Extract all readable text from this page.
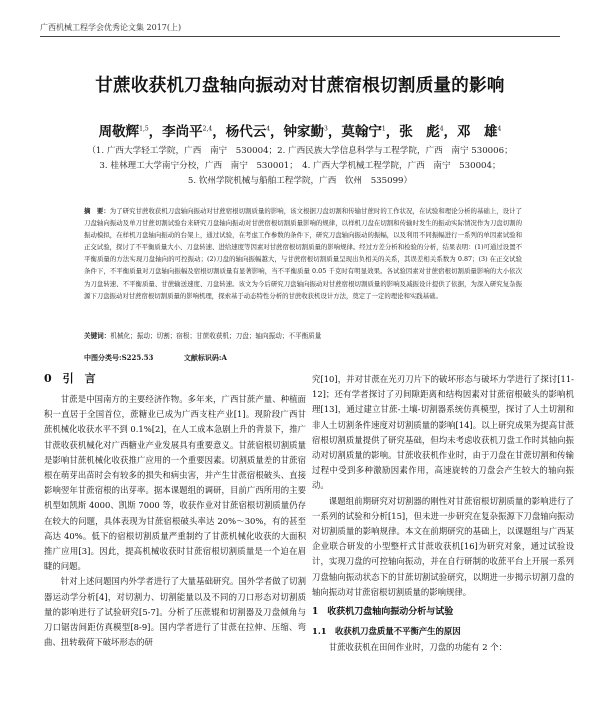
广西机械工程学会优秀论文集 2017(上)
甘蔗收获机刀盘轴向振动对甘蔗宿根切割质量的影响
周敬辉$^{1,5}$，李尚平$^{2,4}$，杨代云$^4$，钟家勤$^3$，莫翰宁$^1$，张　彪$^4$，邓　雄$^4$
（1. 广西大学轻工学院，广西　南宁　530004；2. 广西民族大学信息科学与工程学院，广西　南宁 530006；
3. 桂林理工大学南宁分校，广西　南宁　530001；　4. 广西大学机械工程学院，广西　南宁　530004；
5. 钦州学院机械与船舶工程学院，广西　钦州　535099）
摘　要：为了研究甘蔗收获机刀盘轴向振动对甘蔗宿根切割质量的影响，该文根据刀盘切割和传输甘蔗时的工作状况，在试验和理论分析的基础上，设计了刀盘轴向振动及单刀甘蔗切割试验台来研究刀盘轴向振动对甘蔗宿根切割质量影响的规律，以样机刀盘在切割和传输时发生的振动实际情况作为刀盘切割的振动模拟，在样机刀盘轴向振动的台架上，通过试验，在考虑工作参数的条件下，研究刀盘轴向振动的振幅，以及利用不同振幅进行一系列的单因素试验和正交试验，探讨了不平衡质量大小、刀盘转速、进给速度等因素对甘蔗宿根切割质量的影响规律。经过方差分析和检验的分析，结果表明：(1)可通过设置不平衡质量的方法实现刀盘轴向的可控振动；(2)刀盘的轴向振幅越大，与甘蔗宿根切割质量呈现出负相关的关系，其误差相关系数为 0.87；(3) 在正交试验条件下，不平衡质量对刀盘轴向振幅及宿根切割质量有显著影响，当不平衡质量 0.05 千克时有明显效果。各试验因素对甘蔗宿根切割质量影响的大小依次为刀盘转速、不平衡质量、甘蔗输送速度、刀盘转速。该文为今后研究刀盘轴向振动对甘蔗宿根切割质量的影响及减振设计提供了依据，为深入研究复杂振源下刀盘振动对甘蔗宿根切割质量的影响机理，探索基于动态特性分析的甘蔗收获机设计方法，奠定了一定的理论和实践基础。
关键词：机械化；振动；切割；宿根；甘蔗收获机；刀盘；轴向振动；不平衡质量
中图分类号:S225.53	文献标识码:A
0　引　言

甘蔗是中国南方的主要经济作物。多年来，广西甘蔗产量、种植面积一直居于全国首位，蔗糖业已成为广西支柱产业[1]。现阶段广西甘蔗机械化收获水平不到 0.1%[2]，在人工成本急剧上升的背景下，推广甘蔗收获机械化对广西糖业产业发展具有重要意义。甘蔗宿根切割质量是影响甘蔗机械化收获推广应用的一个重要因素。切割质量差的甘蔗宿根在萌芽出苗时会有较多的损失和病虫害，并产生甘蔗宿根破头、直接影响翌年甘蔗宿根的出芽率。据本课题组的调研，目前广西所用的主要机型如凯斯 4000、凯斯 7000 等，收获作业对甘蔗宿根切割质量仍存在较大的问题，具体表现为甘蔗宿根破头率达 20%～30%，有的甚至高达 40%。低下的宿根切割质量严重制约了甘蔗机械化收获的大面积推广应用[3]。因此，提高机械收获时甘蔗宿根切割质量是一个迫在眉睫的问题。

针对上述问题国内外学者进行了大量基础研究。国外学者做了切割器运动学分析[4]，对切割力、切割能量以及不同的刀口形态对切割质量的影响进行了试验研究[5-7]。分析了压蔗辊和切割器及刀盘倾角与刀口锯齿间距仿真模型[8-9]。国内学者进行了甘蔗在拉伸、压缩、弯曲、扭转载荷下破坏形态的研

究[10]，并对甘蔗在光刃刀片下的破坏形态与破坏力学进行了探讨[11-12]；还有学者探讨了刃间隙距离和结构因素对甘蔗宿根破头的影响机理[13]，通过建立甘蔗-土壤-切割器系统仿真模型，探讨了人土切割和非人土切割条件速度对切割质量的影响[14]。以上研究成果为提高甘蔗宿根切割质量提供了研究基础，但均未考虑收获机刀盘工作时其轴向振动对切割质量的影响。甘蔗收获机作业时，由于刀盘在甘蔗切割和传输过程中受到多种激励因素作用，高速旋转的刀盘会产生较大的轴向振动。

课题组前期研究对切割器的刚性对甘蔗宿根切割质量的影响进行了一系列的试验和分析[15]，但未进一步研究在复杂振源下刀盘轴向振动对切割质量的影响规律。本文在前期研究的基础上，以课题组与广西某企业联合研发的小型整杆式甘蔗收获机[16]为研究对象，通过试验设计，实现刀盘的可控轴向振动，并在自行研制的收蔗平台上开展一系列刀盘轴向振动状态下的甘蔗切割试验研究，以期进一步揭示切割刀盘的轴向振动对甘蔗宿根切割质量的影响规律。

1　收获机刀盘轴向振动分析与试验
1.1　收获机刀盘质量不平衡产生的原因

甘蔗收获机在田间作业时，刀盘的功能有 2 个：
